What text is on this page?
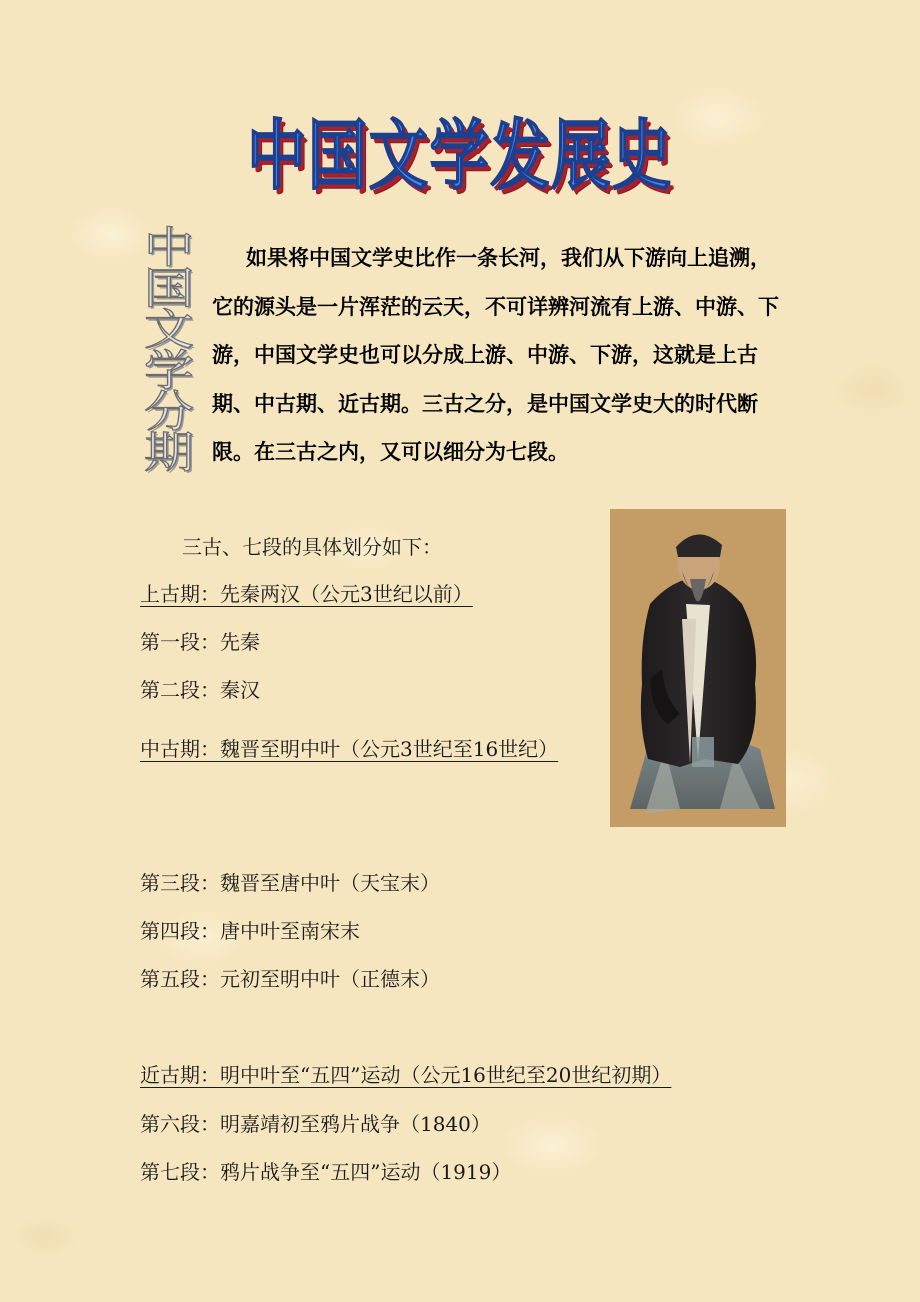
中国文学发展史
中
国
文
学
分
期

如果将中国文学史比作一条长河，我们从下游向上追溯，它的源头是一片浑茫的云天，不可详辨河流有上游、中游、下游，中国文学史也可以分成上游、中游、下游，这就是上古期、中古期、近古期。三古之分，是中国文学史大的时代断限。在三古之内，又可以细分为七段。

三古、七段的具体划分如下：

上古期：先秦两汉（公元3世纪以前）

第一段：先秦

第二段：秦汉

中古期：魏晋至明中叶（公元3世纪至16世纪）

第三段：魏晋至唐中叶（天宝末）

第四段：唐中叶至南宋末

第五段：元初至明中叶（正德末）

近古期：明中叶至“五四”运动（公元16世纪至20世纪初期）

第六段：明嘉靖初至鸦片战争（1840）

第七段：鸦片战争至“五四”运动（1919）
